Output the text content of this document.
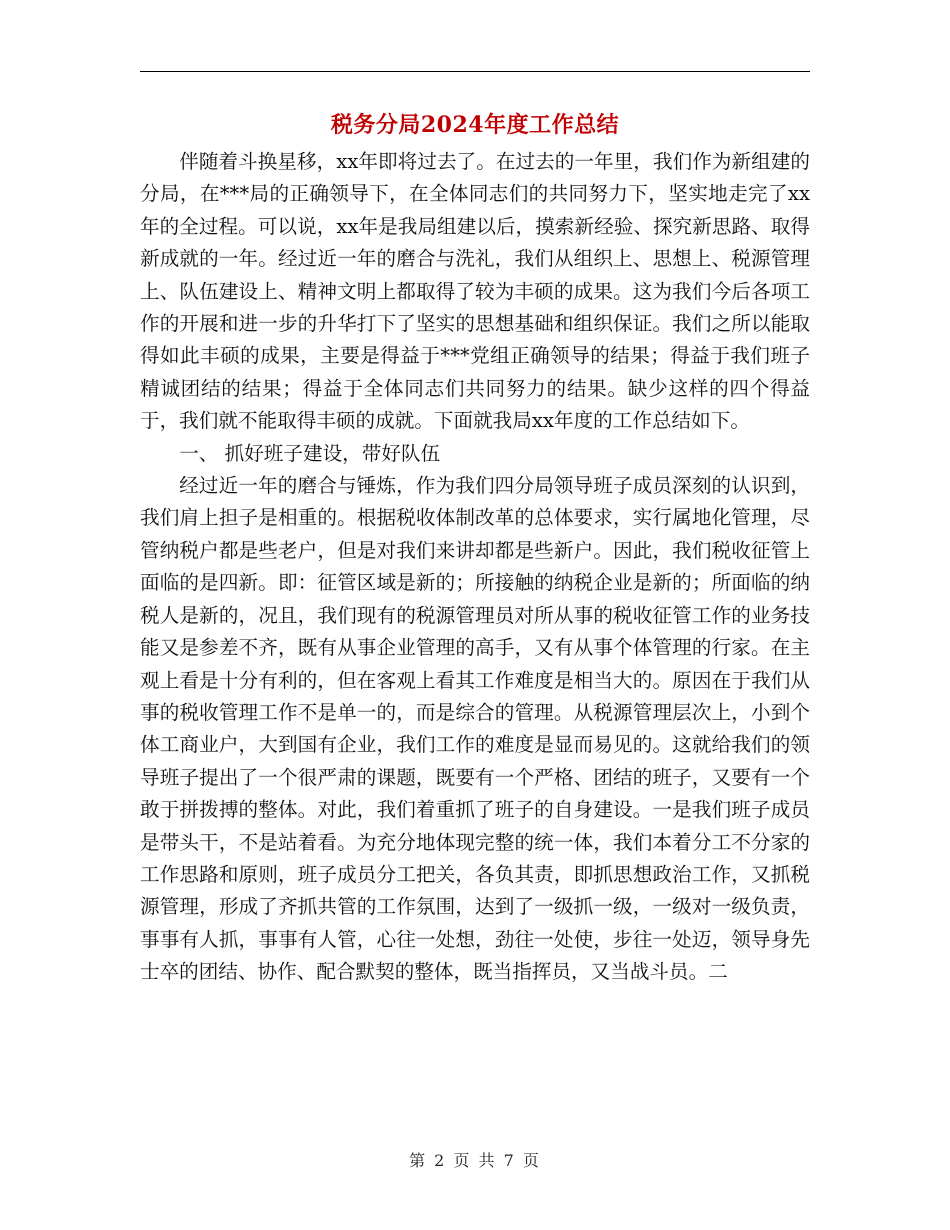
税务分局2024年度工作总结

伴随着斗换星移，xx年即将过去了。在过去的一年里，我们作为新组建的分局，在***局的正确领导下，在全体同志们的共同努力下，坚实地走完了xx年的全过程。可以说，xx年是我局组建以后，摸索新经验、探究新思路、取得新成就的一年。经过近一年的磨合与洗礼，我们从组织上、思想上、税源管理上、队伍建设上、精神文明上都取得了较为丰硕的成果。这为我们今后各项工作的开展和进一步的升华打下了坚实的思想基础和组织保证。我们之所以能取得如此丰硕的成果，主要是得益于***党组正确领导的结果；得益于我们班子精诚团结的结果；得益于全体同志们共同努力的结果。缺少这样的四个得益于，我们就不能取得丰硕的成就。下面就我局xx年度的工作总结如下。

一、 抓好班子建设，带好队伍

经过近一年的磨合与锤炼，作为我们四分局领导班子成员深刻的认识到，我们肩上担子是相重的。根据税收体制改革的总体要求，实行属地化管理，尽管纳税户都是些老户，但是对我们来讲却都是些新户。因此，我们税收征管上面临的是四新。即：征管区域是新的；所接触的纳税企业是新的；所面临的纳税人是新的，况且，我们现有的税源管理员对所从事的税收征管工作的业务技能又是参差不齐，既有从事企业管理的高手，又有从事个体管理的行家。在主观上看是十分有利的，但在客观上看其工作难度是相当大的。原因在于我们从事的税收管理工作不是单一的，而是综合的管理。从税源管理层次上，小到个体工商业户，大到国有企业，我们工作的难度是显而易见的。这就给我们的领导班子提出了一个很严肃的课题，既要有一个严格、团结的班子，又要有一个敢于拼拨搏的整体。对此，我们着重抓了班子的自身建设。一是我们班子成员是带头干，不是站着看。为充分地体现完整的统一体，我们本着分工不分家的工作思路和原则，班子成员分工把关，各负其责，即抓思想政治工作，又抓税源管理，形成了齐抓共管的工作氛围，达到了一级抓一级，一级对一级负责，事事有人抓，事事有人管，心往一处想，劲往一处使，步往一处迈，领导身先士卒的团结、协作、配合默契的整体，既当指挥员，又当战斗员。二

第 2 页 共 7 页
